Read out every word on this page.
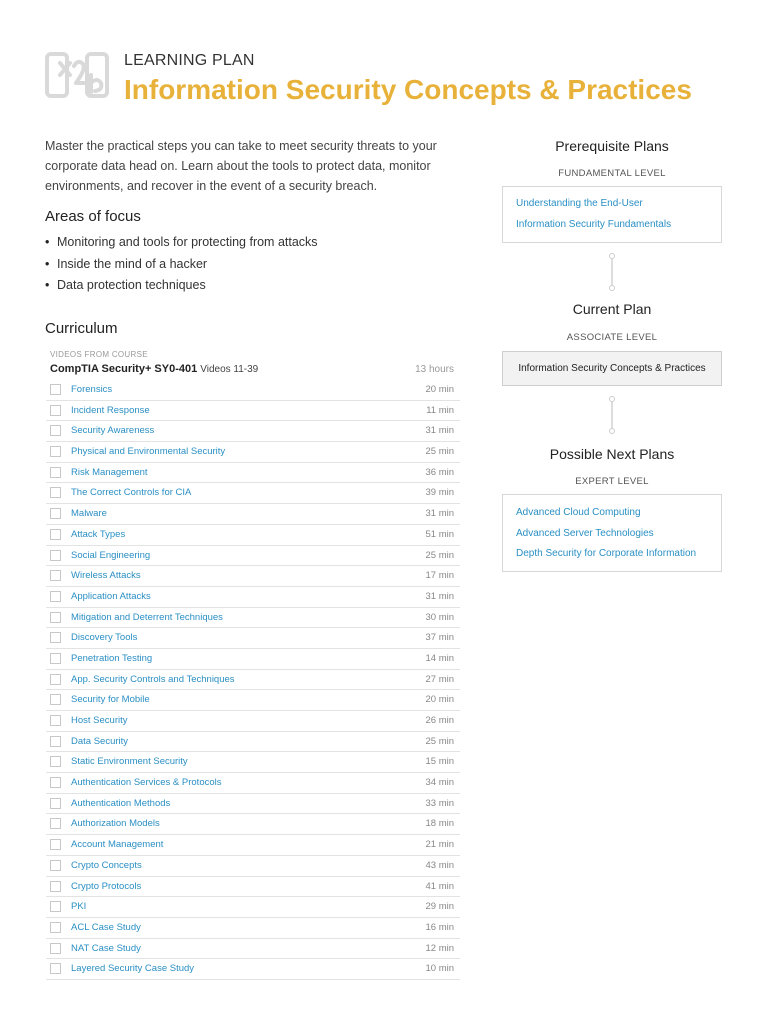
LEARNING PLAN
Information Security Concepts & Practices
Master the practical steps you can take to meet security threats to your corporate data head on. Learn about the tools to protect data, monitor environments, and recover in the event of a security breach.
Areas of focus
• Monitoring and tools for protecting from attacks
• Inside the mind of a hacker
• Data protection techniques
Curriculum
VIDEOS FROM COURSE
CompTIA Security+ SY0-401 Videos 11-39	13 hours
Forensics	20 min
Incident Response	11 min
Security Awareness	31 min
Physical and Environmental Security	25 min
Risk Management	36 min
The Correct Controls for CIA	39 min
Malware	31 min
Attack Types	51 min
Social Engineering	25 min
Wireless Attacks	17 min
Application Attacks	31 min
Mitigation and Deterrent Techniques	30 min
Discovery Tools	37 min
Penetration Testing	14 min
App. Security Controls and Techniques	27 min
Security for Mobile	20 min
Host Security	26 min
Data Security	25 min
Static Environment Security	15 min
Authentication Services & Protocols	34 min
Authentication Methods	33 min
Authorization Models	18 min
Account Management	21 min
Crypto Concepts	43 min
Crypto Protocols	41 min
PKI	29 min
ACL Case Study	16 min
NAT Case Study	12 min
Layered Security Case Study	10 min
Prerequisite Plans
FUNDAMENTAL LEVEL
Understanding the End-User
Information Security Fundamentals
Current Plan
ASSOCIATE LEVEL
Information Security Concepts & Practices
Possible Next Plans
EXPERT LEVEL
Advanced Cloud Computing
Advanced Server Technologies
Depth Security for Corporate Information
